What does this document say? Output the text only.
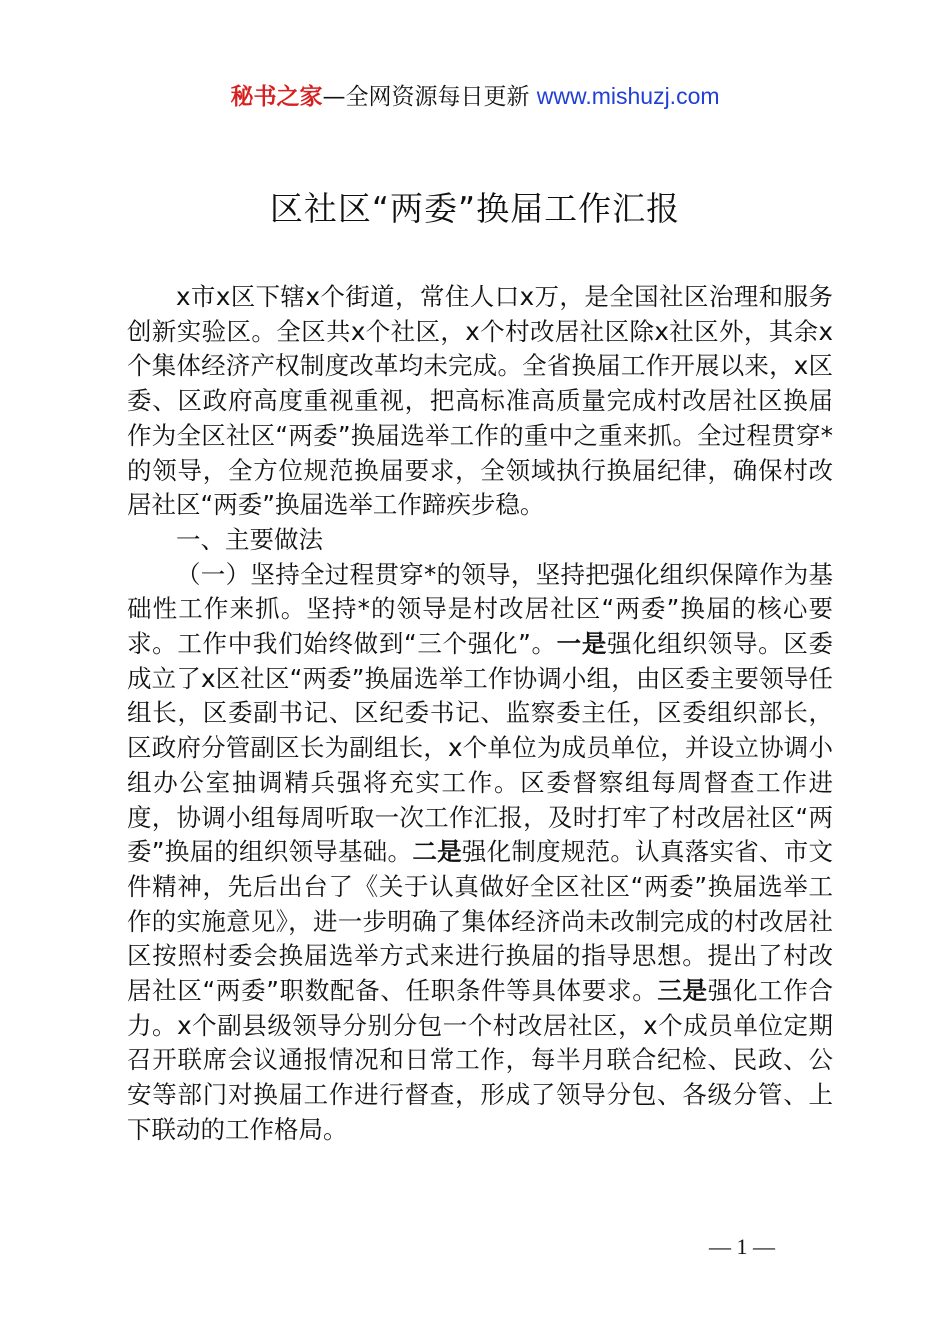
秘书之家—全网资源每日更新 www.mishuzj.com
区社区“两委”换届工作汇报

x市x区下辖x个街道，常住人口x万，是全国社区治理和服务创新实验区。全区共x个社区，x个村改居社区除x社区外，其余x个集体经济产权制度改革均未完成。全省换届工作开展以来，x区委、区政府高度重视重视，把高标准高质量完成村改居社区换届作为全区社区“两委”换届选举工作的重中之重来抓。全过程贯穿*的领导，全方位规范换届要求，全领域执行换届纪律，确保村改居社区“两委”换届选举工作蹄疾步稳。

一、主要做法

（一）坚持全过程贯穿*的领导，坚持把强化组织保障作为基础性工作来抓。坚持*的领导是村改居社区“两委”换届的核心要求。工作中我们始终做到“三个强化”。一是强化组织领导。区委成立了x区社区“两委”换届选举工作协调小组，由区委主要领导任组长，区委副书记、区纪委书记、监察委主任，区委组织部长，区政府分管副区长为副组长，x个单位为成员单位，并设立协调小组办公室抽调精兵强将充实工作。区委督察组每周督查工作进度，协调小组每周听取一次工作汇报，及时打牢了村改居社区“两委”换届的组织领导基础。二是强化制度规范。认真落实省、市文件精神，先后出台了《关于认真做好全区社区“两委”换届选举工作的实施意见》，进一步明确了集体经济尚未改制完成的村改居社区按照村委会换届选举方式来进行换届的指导思想。提出了村改居社区“两委”职数配备、任职条件等具体要求。三是强化工作合力。x个副县级领导分别分包一个村改居社区，x个成员单位定期召开联席会议通报情况和日常工作，每半月联合纪检、民政、公安等部门对换届工作进行督查，形成了领导分包、各级分管、上下联动的工作格局。

— 1 —
